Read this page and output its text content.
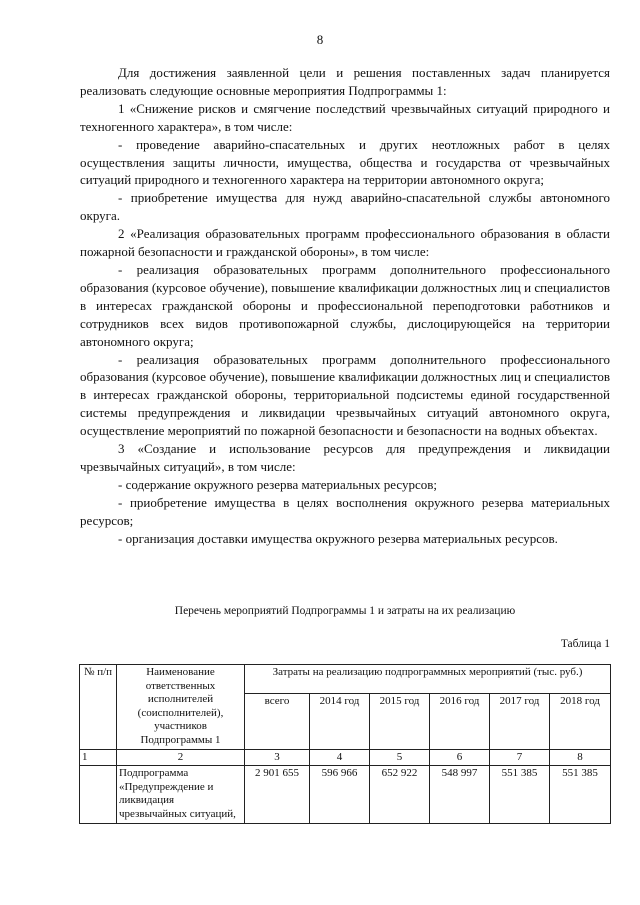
8

Для достижения заявленной цели и решения поставленных задач планируется реализовать следующие основные мероприятия Подпрограммы 1:

1 «Снижение рисков и смягчение последствий чрезвычайных ситуаций природного и техногенного характера», в том числе:

- проведение аварийно-спасательных и других неотложных работ в целях осуществления защиты личности, имущества, общества и государства от чрезвычайных ситуаций природного и техногенного характера на территории автономного округа;

- приобретение имущества для нужд аварийно-спасательной службы автономного округа.

2 «Реализация образовательных программ профессионального образования в области пожарной безопасности и гражданской обороны», в том числе:

- реализация образовательных программ дополнительного профессионального образования (курсовое обучение), повышение квалификации должностных лиц и специалистов в интересах гражданской обороны и профессиональной переподготовки работников и сотрудников всех видов противопожарной службы, дислоцирующейся на территории автономного округа;

- реализация образовательных программ дополнительного профессионального образования (курсовое обучение), повышение квалификации должностных лиц и специалистов в интересах гражданской обороны, территориальной подсистемы единой государственной системы предупреждения и ликвидации чрезвычайных ситуаций автономного округа, осуществление мероприятий по пожарной безопасности и безопасности на водных объектах.

3 «Создание и использование ресурсов для предупреждения и ликвидации чрезвычайных ситуаций», в том числе:

- содержание окружного резерва материальных ресурсов;

- приобретение имущества в целях восполнения окружного резерва материальных ресурсов;

- организация доставки имущества окружного резерва материальных ресурсов.

Перечень мероприятий Подпрограммы 1 и затраты на их реализацию
Таблица 1
№ п/п	Наименование ответственных исполнителей (соисполнителей), участников Подпрограммы 1	Затраты на реализацию подпрограммных мероприятий (тыс. руб.)					
		всего	2014 год	2015 год	2016 год	2017 год	2018 год
1	2	3	4	5	6	7	8
	Подпрограмма «Предупреждение и ликвидация чрезвычайных ситуаций,	2 901 655	596 966	652 922	548 997	551 385	551 385
